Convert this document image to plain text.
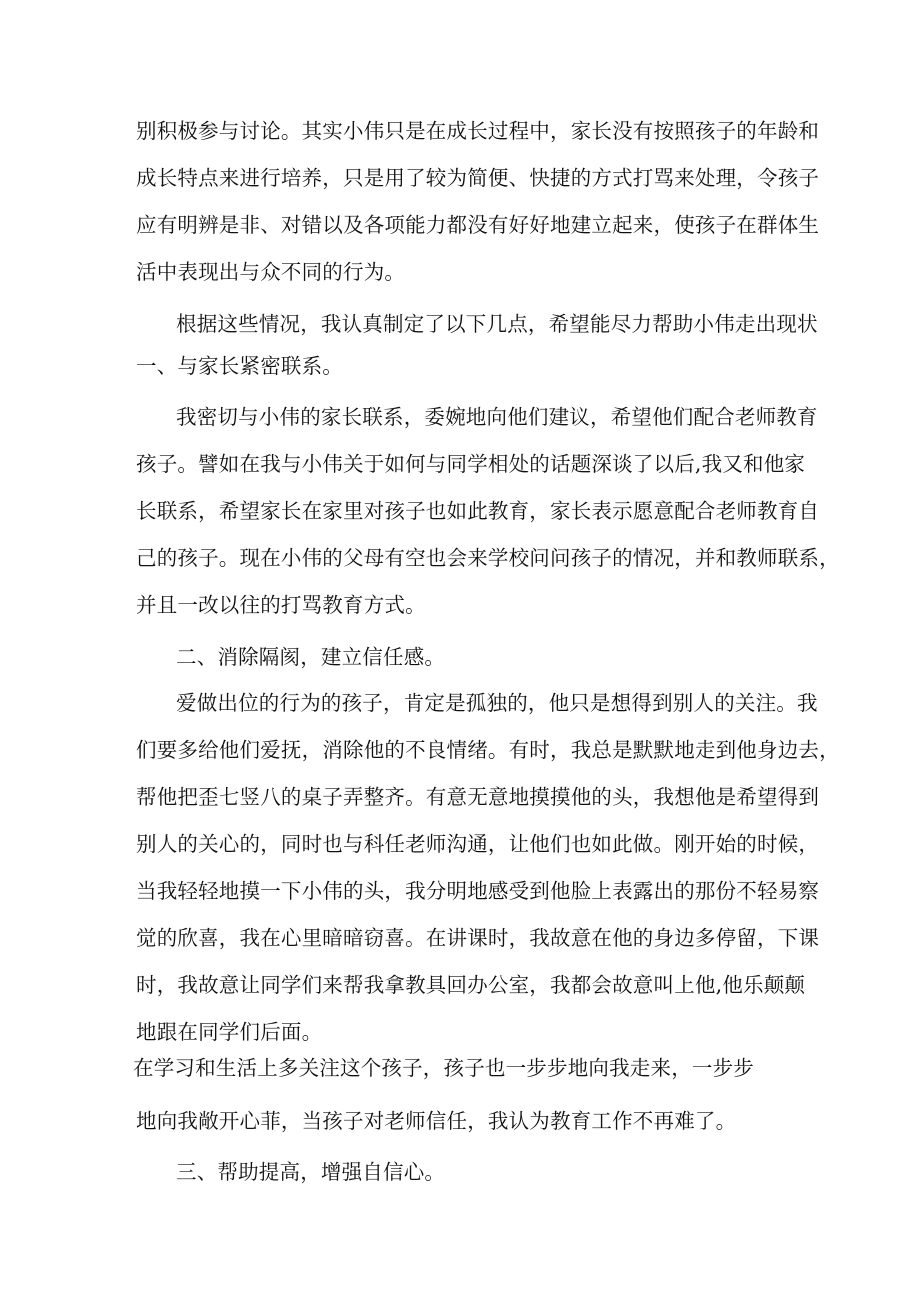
别积极参与讨论。其实小伟只是在成长过程中，家长没有按照孩子的年龄和
成长特点来进行培养，只是用了较为简便、快捷的方式打骂来处理，令孩子
应有明辨是非、对错以及各项能力都没有好好地建立起来，使孩子在群体生
活中表现出与众不同的行为。
根据这些情况，我认真制定了以下几点，希望能尽力帮助小伟走出现状
一、与家长紧密联系。
我密切与小伟的家长联系，委婉地向他们建议，希望他们配合老师教育
孩子。譬如在我与小伟关于如何与同学相处的话题深谈了以后,我又和他家
长联系，希望家长在家里对孩子也如此教育，家长表示愿意配合老师教育自
己的孩子。现在小伟的父母有空也会来学校问问孩子的情况，并和教师联系，
并且一改以往的打骂教育方式。
二、消除隔阂，建立信任感。
爱做出位的行为的孩子，肯定是孤独的，他只是想得到别人的关注。我
们要多给他们爱抚，消除他的不良情绪。有时，我总是默默地走到他身边去，
帮他把歪七竖八的桌子弄整齐。有意无意地摸摸他的头，我想他是希望得到
别人的关心的，同时也与科任老师沟通，让他们也如此做。刚开始的时候，
当我轻轻地摸一下小伟的头，我分明地感受到他脸上表露出的那份不轻易察
觉的欣喜，我在心里暗暗窃喜。在讲课时，我故意在他的身边多停留，下课
时，我故意让同学们来帮我拿教具回办公室，我都会故意叫上他,他乐颠颠
地跟在同学们后面。
在学习和生活上多关注这个孩子，孩子也一步步地向我走来，一步步
地向我敞开心菲，当孩子对老师信任，我认为教育工作不再难了。
三、帮助提高，增强自信心。
